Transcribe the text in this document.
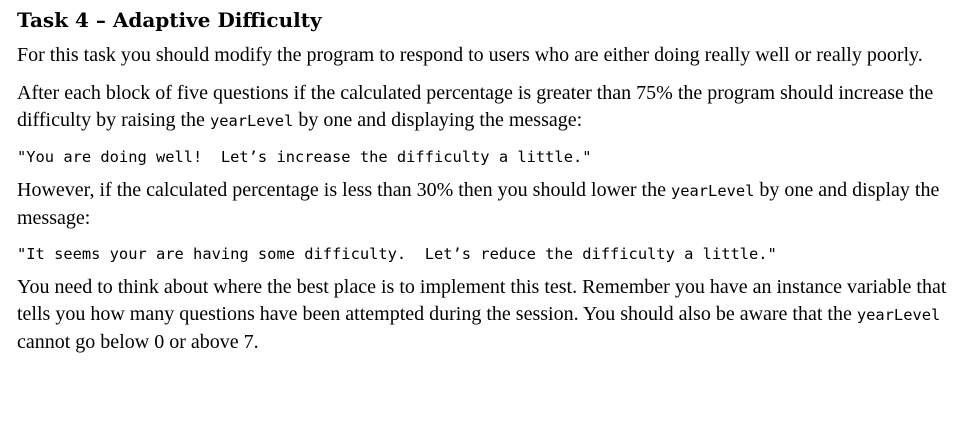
Task 4 – Adaptive Difficulty

For this task you should modify the program to respond to users who are either doing really well or really poorly.

After each block of five questions if the calculated percentage is greater than 75% the program should increase the difficulty by raising the yearLevel by one and displaying the message:

"You are doing well!  Let’s increase the difficulty a little."

However, if the calculated percentage is less than 30% then you should lower the yearLevel by one and display the message:

"It seems your are having some difficulty.  Let’s reduce the difficulty a little."

You need to think about where the best place is to implement this test. Remember you have an instance variable that tells you how many questions have been attempted during the session. You should also be aware that the yearLevel cannot go below 0 or above 7.
